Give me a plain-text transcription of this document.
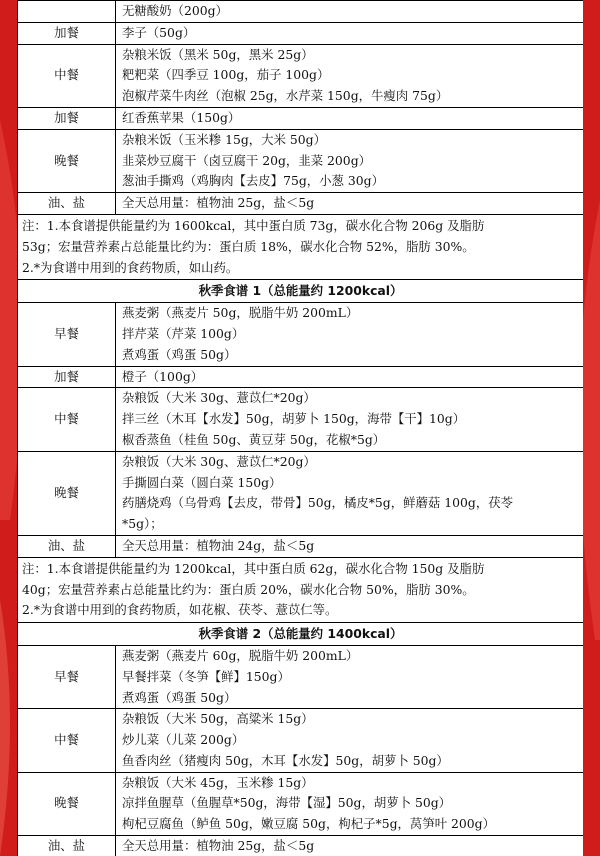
	无糖酸奶（200g）

加餐	李子（50g）

中餐	杂粮米饭（黑米 50g，黑米 25g）
粑粑菜（四季豆 100g，茄子 100g）
泡椒芹菜牛肉丝（泡椒 25g，水芹菜 150g，牛瘦肉 75g）

加餐	红香蕉苹果（150g）

晚餐	杂粮米饭（玉米糁 15g，大米 50g）
韭菜炒豆腐干（卤豆腐干 20g，韭菜 200g）
葱油手撕鸡（鸡胸肉【去皮】75g，小葱 30g）

油、盐	全天总用量：植物油 25g，盐＜5g

注：1.本食谱提供能量约为 1600kcal，其中蛋白质 73g，碳水化合物 206g 及脂肪
53g；宏量营养素占总能量比约为：蛋白质 18%，碳水化合物 52%，脂肪 30%。
2.*为食谱中用到的食药物质，如山药。	

秋季食谱 1（总能量约 1200kcal）	
早餐	燕麦粥（燕麦片 50g，脱脂牛奶 200mL）
拌芹菜（芹菜 100g）
煮鸡蛋（鸡蛋 50g）

加餐	橙子（100g）

中餐	杂粮饭（大米 30g、薏苡仁*20g）
拌三丝（木耳【水发】50g，胡萝卜 150g，海带【干】10g）
椒香蒸鱼（桂鱼 50g、黄豆芽 50g，花椒*5g）

晚餐	杂粮饭（大米 30g、薏苡仁*20g）
手撕圆白菜（圆白菜 150g）
药膳烧鸡（乌骨鸡【去皮，带骨】50g，橘皮*5g，鲜蘑菇 100g，茯苓
*5g）；

油、盐	全天总用量：植物油 24g，盐＜5g

注：1.本食谱提供能量约为 1200kcal，其中蛋白质 62g，碳水化合物 150g 及脂肪
40g；宏量营养素占总能量比约为：蛋白质 20%，碳水化合物 50%，脂肪 30%。
2.*为食谱中用到的食药物质，如花椒、茯苓、薏苡仁等。	

秋季食谱 2（总能量约 1400kcal）	
早餐	燕麦粥（燕麦片 60g，脱脂牛奶 200mL）
早餐拌菜（冬笋【鲜】150g）
煮鸡蛋（鸡蛋 50g）

中餐	杂粮饭（大米 50g，高粱米 15g）
炒儿菜（儿菜 200g）
鱼香肉丝（猪瘦肉 50g，木耳【水发】50g，胡萝卜 50g）

晚餐	杂粮饭（大米 45g，玉米糁 15g）
凉拌鱼腥草（鱼腥草*50g，海带【湿】50g，胡萝卜 50g）
枸杞豆腐鱼（鲈鱼 50g，嫩豆腐 50g，枸杞子*5g，莴笋叶 200g）

油、盐	全天总用量：植物油 25g，盐＜5g
